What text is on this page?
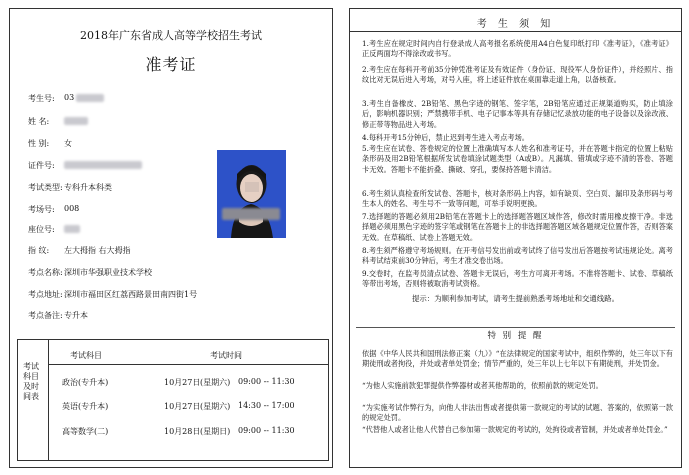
2018年广东省成人高等学校招生考试
准考证
考生号: 03
姓 名:
性 别: 女
证件号:
考试类型: 专科升本科类
考场号: 008
座位号:
指 纹: 左大拇指 右大拇指
考点名称: 深圳市华强职业技术学校
考点地址: 深圳市福田区红荔西路景田南四街1号
考点备注: 专升本
考试科目及时间表
考试科目	考试时间
政治(专升本)	10月27日 (星期六) 09:00 -- 11:30
英语(专升本)	10月27日 (星期六) 14:30 -- 17:00
高等数学(二)	10月28日 (星期日) 09:00 -- 11:30
考 生 须 知
1.考生应在规定时间内自行登录成人高考报名系统使用A4白色复印纸打印《准考证》，《准考证》正反两面均不得涂改或书写。
2.考生应在每科开考前35分钟凭准考证及有效证件（身份证、现役军人身份证件），并经照片、指纹比对无误后进入考场，对号入座，将上述证件放在桌面靠走道上角，以备核查。
3.考生自备橡皮、2B铅笔、黑色字迹的钢笔、签字笔，2B铅笔应通过正规渠道购买，防止填涂后，影响机器识别；严禁携带手机、电子记事本等具有存储记忆录放功能的电子设备以及涂改液、修正带等物品进入考场。
4.每科开考15分钟后，禁止迟到考生进入考点考场。
5.考生应在试卷、答卷规定的位置上准确填写本人姓名和准考证号，并在答题卡指定的位置上粘贴条形码及用2B铅笔根据所发试卷填涂试题类型（A或B）。凡漏填、错填或字迹不清的答卷、答题卡无效。答题卡不能折叠、撕破、穿孔，要保持答题卡清洁。
6.考生须认真检查所发试卷、答题卡，核对条形码上内容，如有缺页、空白页、漏印及条形码与考生本人的姓名、考生号不一致等问题，可举手说明更换。
7.选择题的答题必须用2B铅笔在答题卡上的选择题答题区域作答，修改时需用橡皮擦干净。非选择题必须用黑色字迹的签字笔或钢笔在答题卡上的非选择题答题区域各题规定位置作答，否则答案无效。在草稿纸、试卷上答题无效。
8.考生须严格遵守考场规则。在开考信号发出前或考试终了信号发出后答题按考试违规论处。离考科考试结束前30分钟后，考生才准交卷出场。
9.交卷时，在监考员清点试卷、答题卡无误后，考生方可离开考场。不准将答题卡、试卷、草稿纸等带出考场，否则将被取消考试资格。
提示：为顺利参加考试，请考生提前熟悉考场地址和交通线路。
特 别 提 醒
依据《中华人民共和国刑法修正案（九）》“在法律规定的国家考试中，组织作弊的，处三年以下有期徒刑或者拘役，并处或者单处罚金；情节严重的，处三年以上七年以下有期徒刑，并处罚金。
“为他人实施前款犯罪提供作弊器材或者其他帮助的，依照前款的规定处罚。
“为实施考试作弊行为，向他人非法出售或者提供第一款规定的考试的试题、答案的，依照第一款的规定处罚。
“代替他人或者让他人代替自己参加第一款规定的考试的，处拘役或者管制，并处或者单处罚金。”
